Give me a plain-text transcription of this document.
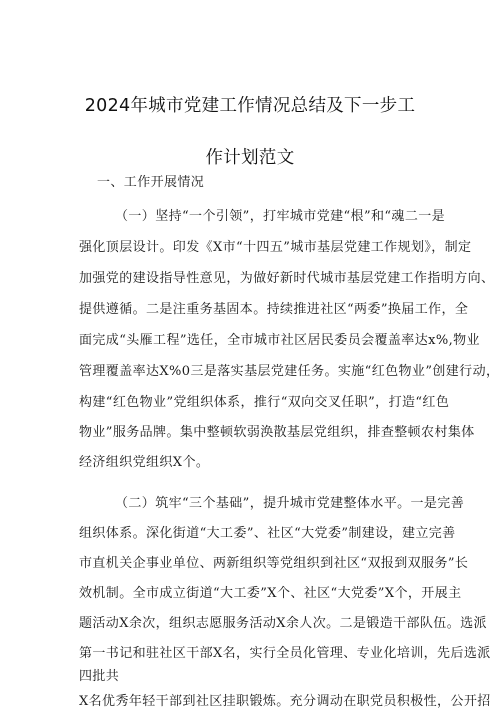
2024年城市党建工作情况总结及下一步工
作计划范文
一、工作开展情况
（一）坚持“一个引领”，打牢城市党建“根”和“魂二一是
强化顶层设计。印发《X市“十四五”城市基层党建工作规划》，制定
加强党的建设指导性意见，为做好新时代城市基层党建工作指明方向、
提供遵循。二是注重务基固本。持续推进社区“两委”换届工作，全
面完成“头雁工程”选任，全市城市社区居民委员会覆盖率达x%,物业
管理覆盖率达X%0三是落实基层党建任务。实施“红色物业”创建行动，
构建“红色物业”党组织体系，推行“双向交叉任职”，打造“红色
物业”服务品牌。集中整顿软弱涣散基层党组织，排查整顿农村集体
经济组织党组织X个。
（二）筑牢“三个基础”，提升城市党建整体水平。一是完善
组织体系。深化街道“大工委”、社区“大党委”制建设，建立完善
市直机关企事业单位、两新组织等党组织到社区“双报到双服务”长
效机制。全市成立街道“大工委”X个、社区“大党委”X个，开展主
题活动X余次，组织志愿服务活动X余人次。二是锻造干部队伍。选派
第一书记和驻社区干部X名，实行全员化管理、专业化培训，先后选派
四批共
X名优秀年轻干部到社区挂职锻炼。充分调动在职党员积极性，公开招
